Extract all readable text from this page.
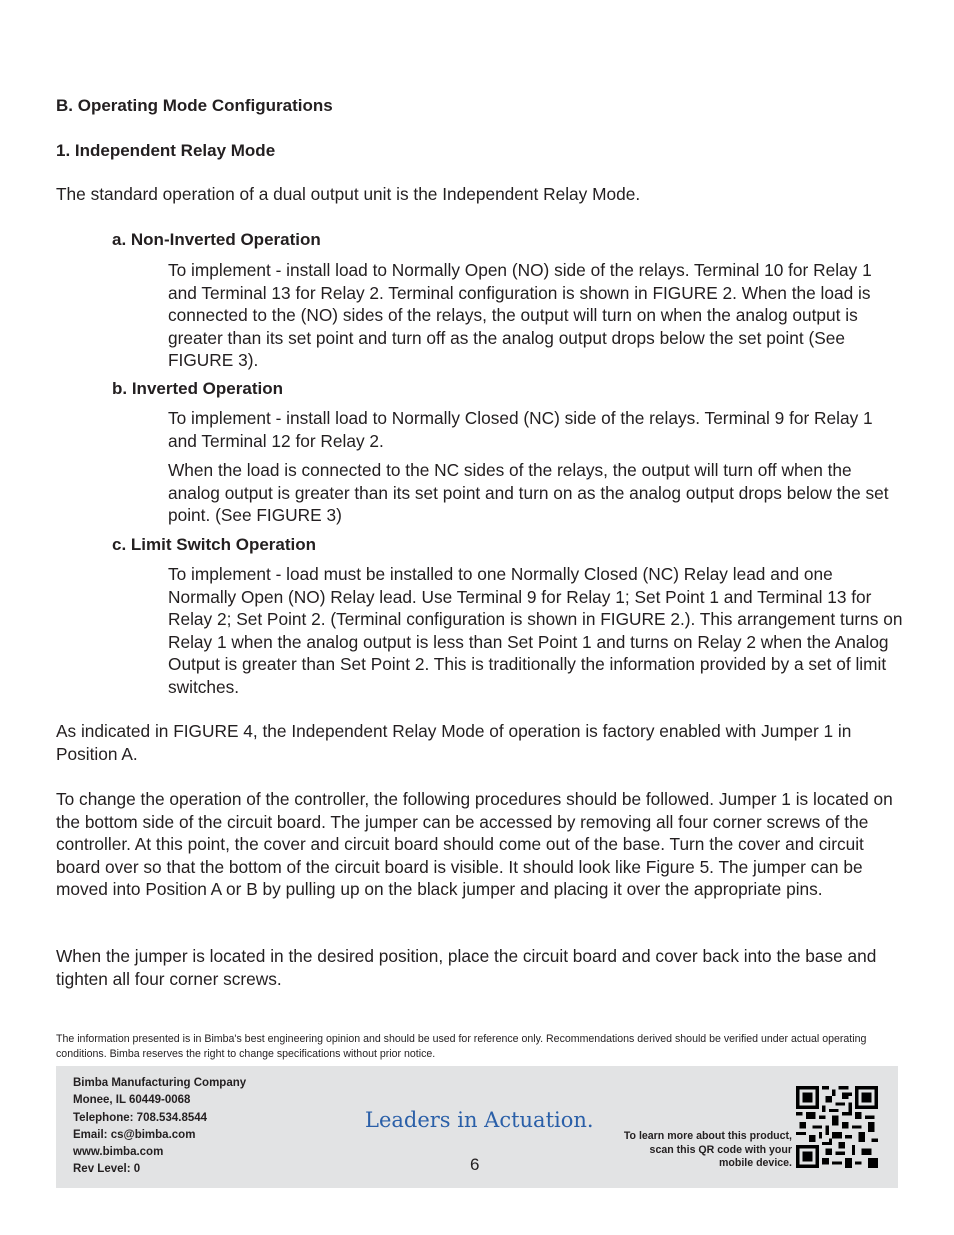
B. Operating Mode Configurations
1. Independent Relay Mode
The standard operation of a dual output unit is the Independent Relay Mode.
a. Non-Inverted Operation
To implement - install load to Normally Open (NO) side of the relays. Terminal 10 for Relay 1 and Terminal 13 for Relay 2. Terminal configuration is shown in FIGURE 2. When the load is connected to the (NO) sides of the relays, the output will turn on when the analog output is greater than its set point and turn off as the analog output drops below the set point (See FIGURE 3).
b. Inverted Operation
To implement - install load to Normally Closed (NC) side of the relays. Terminal 9 for Relay 1 and Terminal 12 for Relay 2.
When the load is connected to the NC sides of the relays, the output will turn off when the analog output is greater than its set point and turn on as the analog output drops below the set point. (See FIGURE 3)
c. Limit Switch Operation
To implement - load must be installed to one Normally Closed (NC) Relay lead and one Normally Open (NO) Relay lead. Use Terminal 9 for Relay 1; Set Point 1 and Terminal 13 for Relay 2; Set Point 2. (Terminal configuration is shown in FIGURE 2.). This arrangement turns on Relay 1 when the analog output is less than Set Point 1 and turns on Relay 2 when the Analog Output is greater than Set Point 2. This is traditionally the information provided by a set of limit switches.
As indicated in FIGURE 4, the Independent Relay Mode of operation is factory enabled with Jumper 1 in Position A.
To change the operation of the controller, the following procedures should be followed. Jumper 1 is located on the bottom side of the circuit board. The jumper can be accessed by removing all four corner screws of the controller. At this point, the cover and circuit board should come out of the base. Turn the cover and circuit board over so that the bottom of the circuit board is visible. It should look like Figure 5. The jumper can be moved into Position A or B by pulling up on the black jumper and placing it over the appropriate pins.
When the jumper is located in the desired position, place the circuit board and cover back into the base and tighten all four corner screws.
The information presented is in Bimba's best engineering opinion and should be used for reference only. Recommendations derived should be verified under actual operating conditions. Bimba reserves the right to change specifications without prior notice.
Bimba Manufacturing Company
Monee, IL 60449-0068
Telephone: 708.534.8544
Email: cs@bimba.com
www.bimba.com
Rev Level: 0
Leaders in Actuation.
6
To learn more about this product, scan this QR code with your mobile device.
